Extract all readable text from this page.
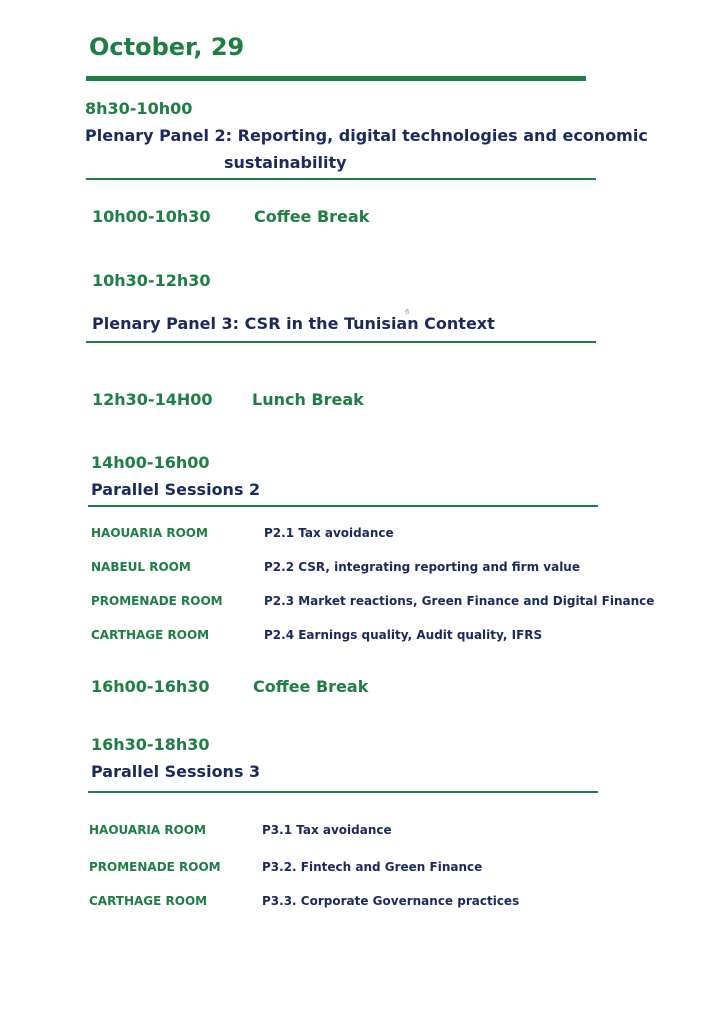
October, 29
8h30-10h00
Plenary Panel 2: Reporting, digital technologies and economic
sustainability
10h00-10h30	Coffee Break
10h30-12h30
6
Plenary Panel 3: CSR in the Tunisian Context
12h30-14H00 Lunch Break
14h00-16h00
Parallel Sessions 2
HAOUARIA ROOM	P2.1 Tax avoidance
NABEUL ROOM	P2.2 CSR, integrating reporting and firm value
PROMENADE ROOM	P2.3 Market reactions, Green Finance and Digital Finance
CARTHAGE ROOM	P2.4 Earnings quality, Audit quality, IFRS
16h00-16h30	Coffee Break
16h30-18h30
Parallel Sessions 3
HAOUARIA ROOM	P3.1 Tax avoidance
PROMENADE ROOM	P3.2. Fintech and Green Finance
CARTHAGE ROOM	P3.3. Corporate Governance practices
